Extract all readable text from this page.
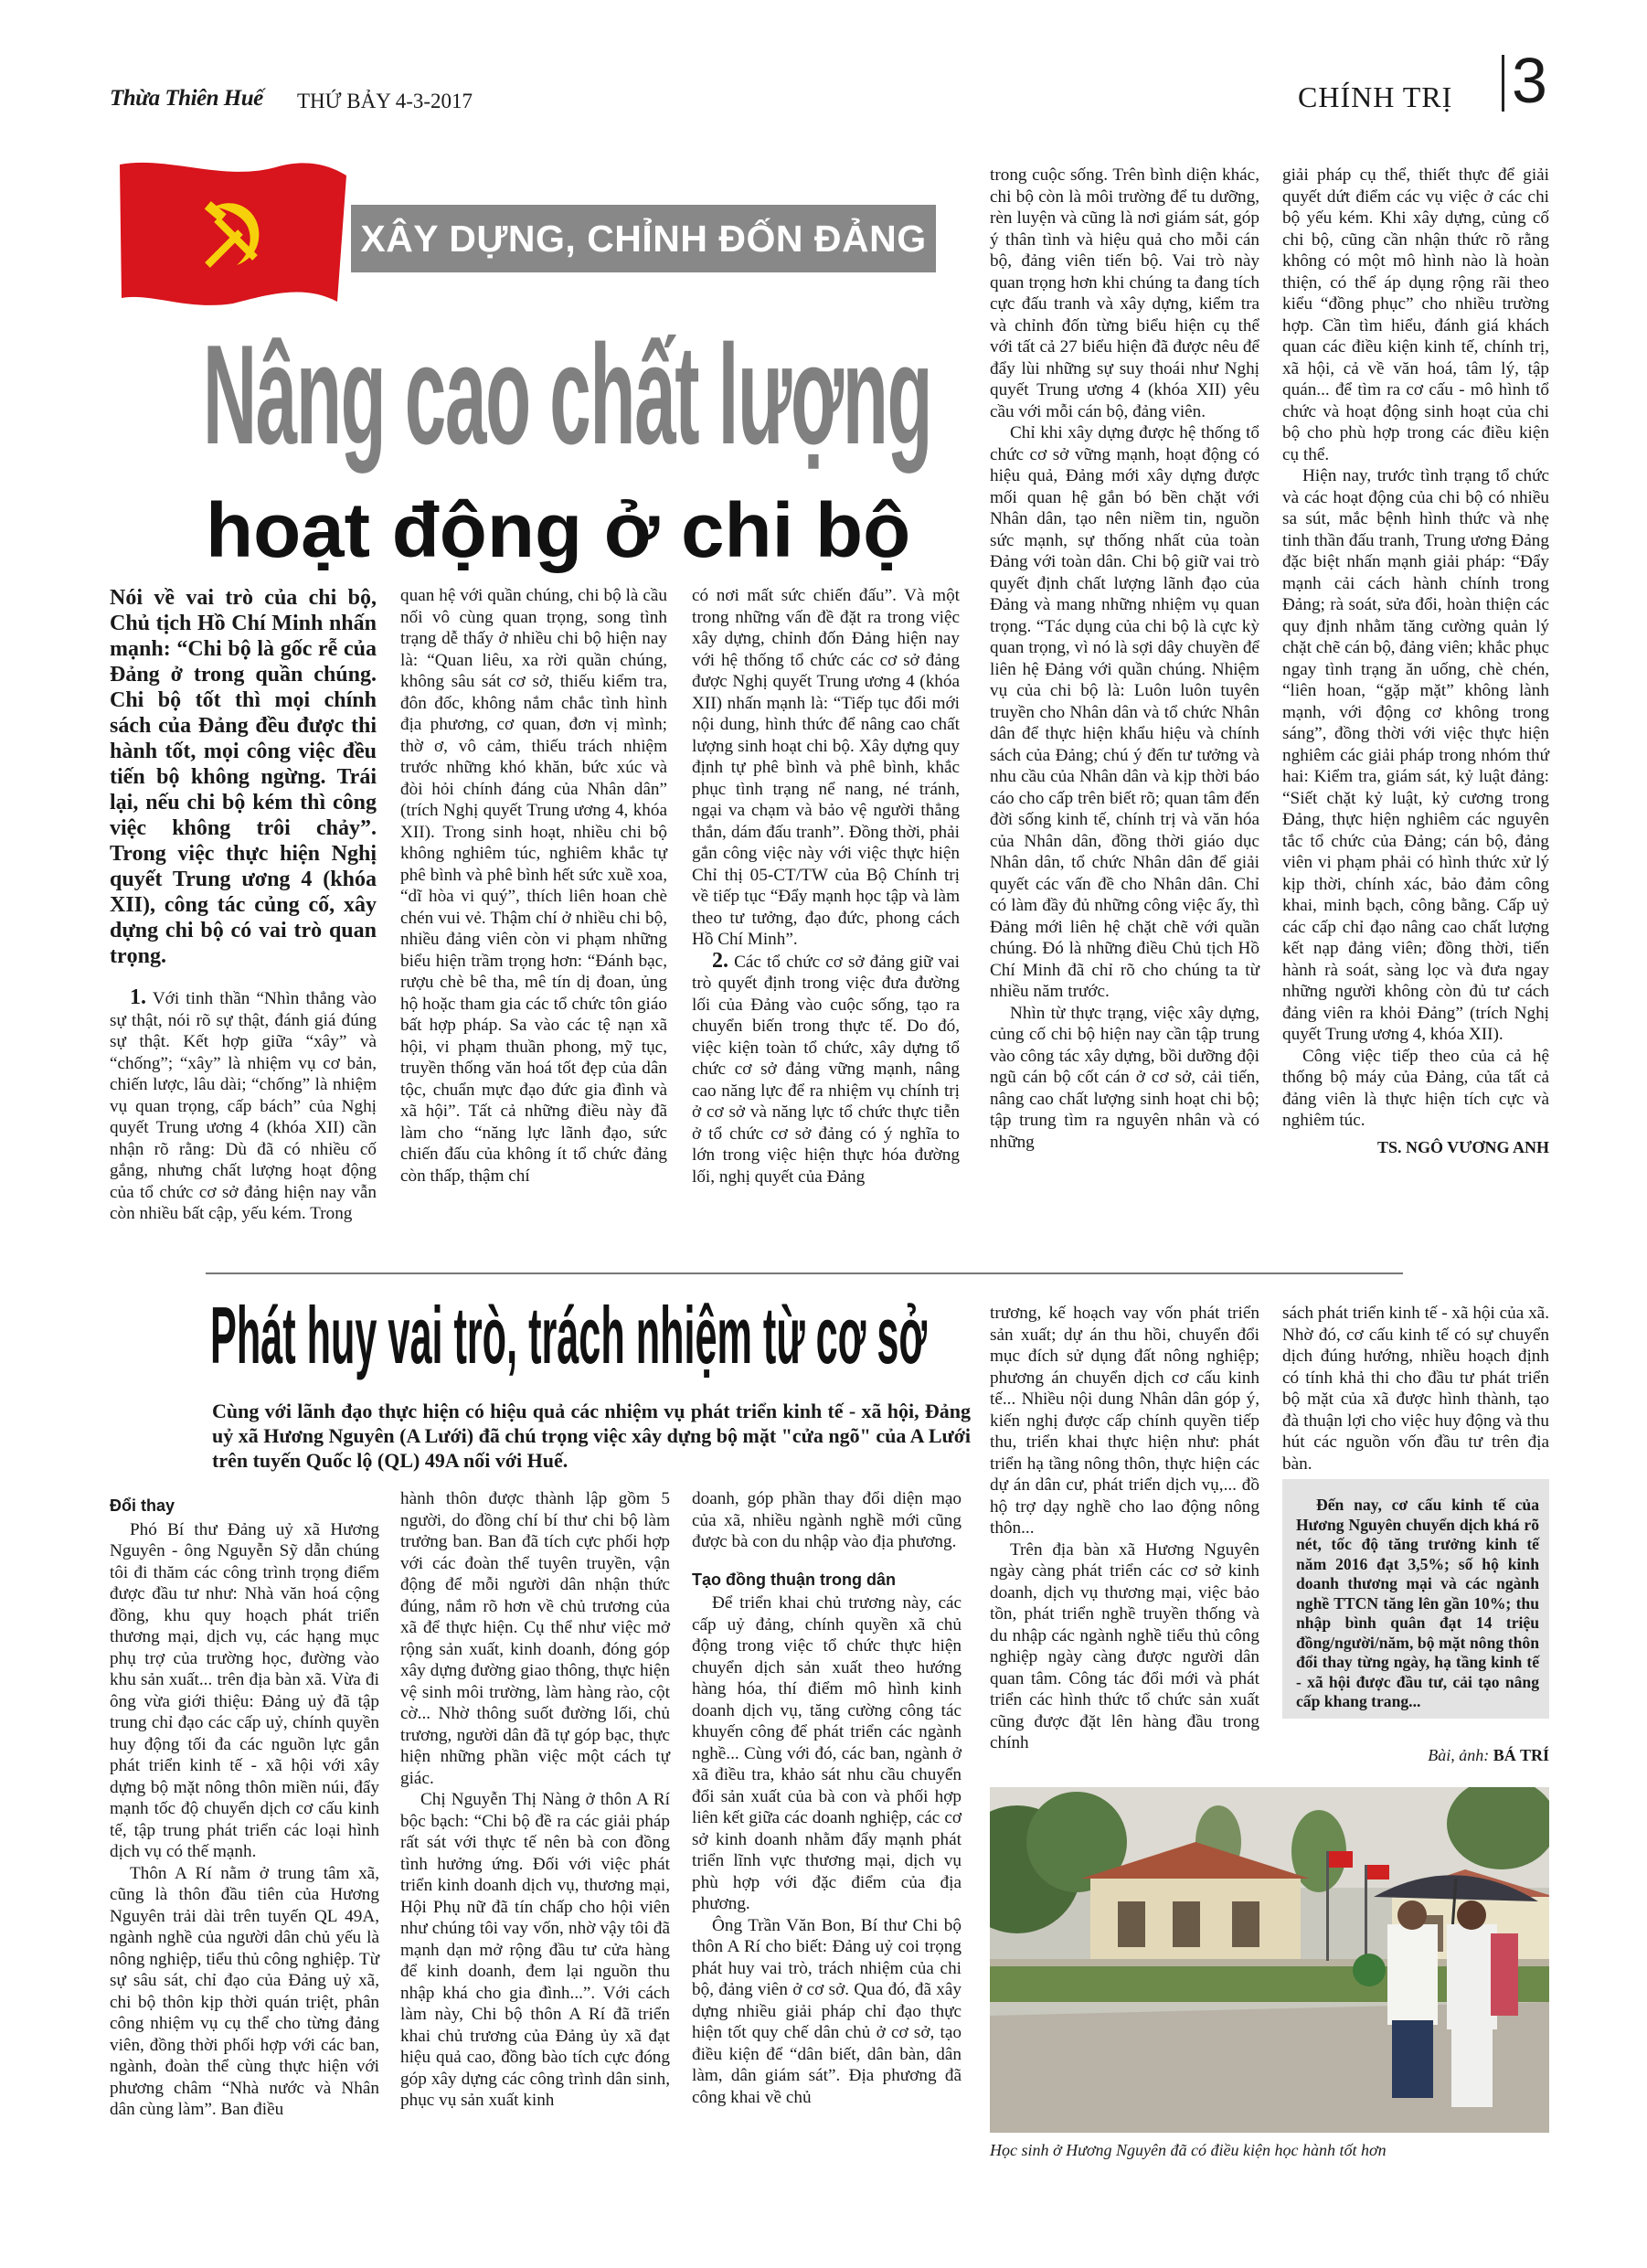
Thừa Thiên Huế THỨ BẢY 4-3-2017	CHÍNH TRỊ 3
XÂY DỰNG, CHỈNH ĐỐN ĐẢNG
Nâng cao chất lượng
hoạt động ở chi bộ
Nói về vai trò của chi bộ, Chủ tịch Hồ Chí Minh nhấn mạnh: “Chi bộ là gốc rễ của Đảng ở trong quần chúng. Chi bộ tốt thì mọi chính sách của Đảng đều được thi hành tốt, mọi công việc đều tiến bộ không ngừng. Trái lại, nếu chi bộ kém thì công việc không trôi chảy”. Trong việc thực hiện Nghị quyết Trung ương 4 (khóa XII), công tác củng cố, xây dựng chi bộ có vai trò quan trọng.

1. Với tinh thần “Nhìn thẳng vào sự thật, nói rõ sự thật, đánh giá đúng sự thật. Kết hợp giữa “xây” và “chống”; “xây” là nhiệm vụ cơ bản, chiến lược, lâu dài; “chống” là nhiệm vụ quan trọng, cấp bách” của Nghị quyết Trung ương 4 (khóa XII) cần nhận rõ rằng: Dù đã có nhiều cố gắng, nhưng chất lượng hoạt động của tổ chức cơ sở đảng hiện nay vẫn còn nhiều bất cập, yếu kém. Trong

quan hệ với quần chúng, chi bộ là cầu nối vô cùng quan trọng, song tình trạng dễ thấy ở nhiều chi bộ hiện nay là: “Quan liêu, xa rời quần chúng, không sâu sát cơ sở, thiếu kiểm tra, đôn đốc, không nắm chắc tình hình địa phương, cơ quan, đơn vị mình; thờ ơ, vô cảm, thiếu trách nhiệm trước những khó khăn, bức xúc và đòi hỏi chính đáng của Nhân dân” (trích Nghị quyết Trung ương 4, khóa XII). Trong sinh hoạt, nhiều chi bộ không nghiêm túc, nghiêm khắc tự phê bình và phê bình hết sức xuề xoa, “dĩ hòa vi quý”, thích liên hoan chè chén vui vẻ. Thậm chí ở nhiều chi bộ, nhiều đảng viên còn vi phạm những biểu hiện trầm trọng hơn: “Đánh bạc, rượu chè bê tha, mê tín dị đoan, ủng hộ hoặc tham gia các tổ chức tôn giáo bất hợp pháp. Sa vào các tệ nạn xã hội, vi phạm thuần phong, mỹ tục, truyền thống văn hoá tốt đẹp của dân tộc, chuẩn mực đạo đức gia đình và xã hội”. Tất cả những điều này đã làm cho “năng lực lãnh đạo, sức chiến đấu của không ít tổ chức đảng còn thấp, thậm chí

có nơi mất sức chiến đấu”. Và một trong những vấn đề đặt ra trong việc xây dựng, chỉnh đốn Đảng hiện nay với hệ thống tổ chức các cơ sở đảng được Nghị quyết Trung ương 4 (khóa XII) nhấn mạnh là: “Tiếp tục đổi mới nội dung, hình thức để nâng cao chất lượng sinh hoạt chi bộ. Xây dựng quy định tự phê bình và phê bình, khắc phục tình trạng nể nang, né tránh, ngại va chạm và bảo vệ người thẳng thắn, dám đấu tranh”. Đồng thời, phải gắn công việc này với việc thực hiện Chỉ thị 05-CT/TW của Bộ Chính trị về tiếp tục “Đẩy mạnh học tập và làm theo tư tưởng, đạo đức, phong cách Hồ Chí Minh”.

2. Các tổ chức cơ sở đảng giữ vai trò quyết định trong việc đưa đường lối của Đảng vào cuộc sống, tạo ra chuyển biến trong thực tế. Do đó, việc kiện toàn tổ chức, xây dựng tổ chức cơ sở đảng vững mạnh, nâng cao năng lực để ra nhiệm vụ chính trị ở cơ sở và năng lực tổ chức thực tiễn ở tổ chức cơ sở đảng có ý nghĩa to lớn trong việc hiện thực hóa đường lối, nghị quyết của Đảng

trong cuộc sống. Trên bình diện khác, chi bộ còn là môi trường để tu dưỡng, rèn luyện và cũng là nơi giám sát, góp ý thân tình và hiệu quả cho mỗi cán bộ, đảng viên tiến bộ. Vai trò này quan trọng hơn khi chúng ta đang tích cực đấu tranh và xây dựng, kiểm tra và chỉnh đốn từng biểu hiện cụ thể với tất cả 27 biểu hiện đã được nêu để đẩy lùi những sự suy thoái như Nghị quyết Trung ương 4 (khóa XII) yêu cầu với mỗi cán bộ, đảng viên.

Chỉ khi xây dựng được hệ thống tổ chức cơ sở vững mạnh, hoạt động có hiệu quả, Đảng mới xây dựng được mối quan hệ gắn bó bền chặt với Nhân dân, tạo nên niềm tin, nguồn sức mạnh, sự thống nhất của toàn Đảng với toàn dân. Chi bộ giữ vai trò quyết định chất lượng lãnh đạo của Đảng và mang những nhiệm vụ quan trọng. “Tác dụng của chi bộ là cực kỳ quan trọng, vì nó là sợi dây chuyền để liên hệ Đảng với quần chúng. Nhiệm vụ của chi bộ là: Luôn luôn tuyên truyền cho Nhân dân và tổ chức Nhân dân để thực hiện khẩu hiệu và chính sách của Đảng; chú ý đến tư tưởng và nhu cầu của Nhân dân và kịp thời báo cáo cho cấp trên biết rõ; quan tâm đến đời sống kinh tế, chính trị và văn hóa của Nhân dân, đồng thời giáo dục Nhân dân, tổ chức Nhân dân để giải quyết các vấn đề cho Nhân dân. Chỉ có làm đầy đủ những công việc ấy, thì Đảng mới liên hệ chặt chẽ với quần chúng. Đó là những điều Chủ tịch Hồ Chí Minh đã chỉ rõ cho chúng ta từ nhiều năm trước.

Nhìn từ thực trạng, việc xây dựng, củng cố chi bộ hiện nay cần tập trung vào công tác xây dựng, bồi dưỡng đội ngũ cán bộ cốt cán ở cơ sở, cải tiến, nâng cao chất lượng sinh hoạt chi bộ; tập trung tìm ra nguyên nhân và có những

giải pháp cụ thể, thiết thực để giải quyết dứt điểm các vụ việc ở các chi bộ yếu kém. Khi xây dựng, củng cố chi bộ, cũng cần nhận thức rõ rằng không có một mô hình nào là hoàn thiện, có thể áp dụng rộng rãi theo kiểu “đồng phục” cho nhiều trường hợp. Cần tìm hiểu, đánh giá khách quan các điều kiện kinh tế, chính trị, xã hội, cả về văn hoá, tâm lý, tập quán... để tìm ra cơ cấu - mô hình tổ chức và hoạt động sinh hoạt của chi bộ cho phù hợp trong các điều kiện cụ thể.

Hiện nay, trước tình trạng tổ chức và các hoạt động của chi bộ có nhiều sa sút, mắc bệnh hình thức và nhẹ tinh thần đấu tranh, Trung ương Đảng đặc biệt nhấn mạnh giải pháp: “Đẩy mạnh cải cách hành chính trong Đảng; rà soát, sửa đổi, hoàn thiện các quy định nhằm tăng cường quản lý chặt chẽ cán bộ, đảng viên; khắc phục ngay tình trạng ăn uống, chè chén, “liên hoan, “gặp mặt” không lành mạnh, với động cơ không trong sáng”, đồng thời với việc thực hiện nghiêm các giải pháp trong nhóm thứ hai: Kiểm tra, giám sát, kỷ luật đảng: “Siết chặt kỷ luật, kỷ cương trong Đảng, thực hiện nghiêm các nguyên tắc tổ chức của Đảng; cán bộ, đảng viên vi phạm phải có hình thức xử lý kịp thời, chính xác, bảo đảm công khai, minh bạch, công bằng. Cấp uỷ các cấp chỉ đạo nâng cao chất lượng kết nạp đảng viên; đồng thời, tiến hành rà soát, sàng lọc và đưa ngay những người không còn đủ tư cách đảng viên ra khỏi Đảng” (trích Nghị quyết Trung ương 4, khóa XII).

Công việc tiếp theo của cả hệ thống bộ máy của Đảng, của tất cả đảng viên là thực hiện tích cực và nghiêm túc.

TS. NGÔ VƯƠNG ANH
Phát huy vai trò, trách nhiệm từ cơ sở
Cùng với lãnh đạo thực hiện có hiệu quả các nhiệm vụ phát triển kinh tế - xã hội, Đảng uỷ xã Hương Nguyên (A Lưới) đã chú trọng việc xây dựng bộ mặt "cửa ngõ" của A Lưới trên tuyến Quốc lộ (QL) 49A nối với Huế.
Đổi thay

Phó Bí thư Đảng uỷ xã Hương Nguyên - ông Nguyễn Sỹ dẫn chúng tôi đi thăm các công trình trọng điểm được đầu tư như: Nhà văn hoá cộng đồng, khu quy hoạch phát triển thương mại, dịch vụ, các hạng mục phụ trợ của trường học, đường vào khu sản xuất... trên địa bàn xã. Vừa đi ông vừa giới thiệu: Đảng uỷ đã tập trung chỉ đạo các cấp uỷ, chính quyền huy động tối đa các nguồn lực gắn phát triển kinh tế - xã hội với xây dựng bộ mặt nông thôn miền núi, đẩy mạnh tốc độ chuyển dịch cơ cấu kinh tế, tập trung phát triển các loại hình dịch vụ có thế mạnh.

Thôn A Rí nằm ở trung tâm xã, cũng là thôn đầu tiên của Hương Nguyên trải dài trên tuyến QL 49A, ngành nghề của người dân chủ yếu là nông nghiệp, tiểu thủ công nghiệp. Từ sự sâu sát, chỉ đạo của Đảng uỷ xã, chi bộ thôn kịp thời quán triệt, phân công nhiệm vụ cụ thể cho từng đảng viên, đồng thời phối hợp với các ban, ngành, đoàn thể cùng thực hiện với phương châm “Nhà nước và Nhân dân cùng làm”. Ban điều

hành thôn được thành lập gồm 5 người, do đồng chí bí thư chi bộ làm trưởng ban. Ban đã tích cực phối hợp với các đoàn thể tuyên truyền, vận động để mỗi người dân nhận thức đúng, nắm rõ hơn về chủ trương của xã để thực hiện. Cụ thể như việc mở rộng sản xuất, kinh doanh, đóng góp xây dựng đường giao thông, thực hiện vệ sinh môi trường, làm hàng rào, cột cờ... Nhờ thông suốt đường lối, chủ trương, người dân đã tự góp bạc, thực hiện những phần việc một cách tự giác.

Chị Nguyễn Thị Nàng ở thôn A Rí bộc bạch: “Chi bộ đề ra các giải pháp rất sát với thực tế nên bà con đồng tình hưởng ứng. Đối với việc phát triển kinh doanh dịch vụ, thương mại, Hội Phụ nữ đã tín chấp cho hội viên như chúng tôi vay vốn, nhờ vậy tôi đã mạnh dạn mở rộng đầu tư cửa hàng để kinh doanh, đem lại nguồn thu nhập khá cho gia đình...”. Với cách làm này, Chi bộ thôn A Rí đã triển khai chủ trương của Đảng ủy xã đạt hiệu quả cao, đồng bào tích cực đóng góp xây dựng các công trình dân sinh, phục vụ sản xuất kinh

doanh, góp phần thay đổi diện mạo của xã, nhiều ngành nghề mới cũng được bà con du nhập vào địa phương.

Tạo đồng thuận trong dân

Để triển khai chủ trương này, các cấp uỷ đảng, chính quyền xã chủ động trong việc tổ chức thực hiện chuyển dịch sản xuất theo hướng hàng hóa, thí điểm mô hình kinh doanh dịch vụ, tăng cường công tác khuyến công để phát triển các ngành nghề... Cùng với đó, các ban, ngành ở xã điều tra, khảo sát nhu cầu chuyển đổi sản xuất của bà con và phối hợp liên kết giữa các doanh nghiệp, các cơ sở kinh doanh nhằm đẩy mạnh phát triển lĩnh vực thương mại, dịch vụ phù hợp với đặc điểm của địa phương.

Ông Trần Văn Bon, Bí thư Chi bộ thôn A Rí cho biết: Đảng uỷ coi trọng phát huy vai trò, trách nhiệm của chi bộ, đảng viên ở cơ sở. Qua đó, đã xây dựng nhiều giải pháp chỉ đạo thực hiện tốt quy chế dân chủ ở cơ sở, tạo điều kiện để “dân biết, dân bàn, dân làm, dân giám sát”. Địa phương đã công khai về chủ

trương, kế hoạch vay vốn phát triển sản xuất; dự án thu hồi, chuyển đổi mục đích sử dụng đất nông nghiệp; phương án chuyển dịch cơ cấu kinh tế... Nhiều nội dung Nhân dân góp ý, kiến nghị được cấp chính quyền tiếp thu, triển khai thực hiện như: phát triển hạ tầng nông thôn, thực hiện các dự án dân cư, phát triển dịch vụ,... đồ hộ trợ dạy nghề cho lao động nông thôn...

Trên địa bàn xã Hương Nguyên ngày càng phát triển các cơ sở kinh doanh, dịch vụ thương mại, việc bảo tồn, phát triển nghề truyền thống và du nhập các ngành nghề tiểu thủ công nghiệp ngày càng được người dân quan tâm. Công tác đổi mới và phát triển các hình thức tổ chức sản xuất cũng được đặt lên hàng đầu trong chính

sách phát triển kinh tế - xã hội của xã. Nhờ đó, cơ cấu kinh tế có sự chuyển dịch đúng hướng, nhiều hoạch định có tính khả thi cho đầu tư phát triển bộ mặt của xã được hình thành, tạo đà thuận lợi cho việc huy động và thu hút các nguồn vốn đầu tư trên địa bàn.

Đến nay, cơ cấu kinh tế của Hương Nguyên chuyển dịch khá rõ nét, tốc độ tăng trưởng kinh tế năm 2016 đạt 3,5%; số hộ kinh doanh thương mại và các ngành nghề TTCN tăng lên gần 10%; thu nhập bình quân đạt 14 triệu đồng/người/năm, bộ mặt nông thôn đổi thay từng ngày, hạ tầng kinh tế - xã hội được đầu tư, cải tạo nâng cấp khang trang...
Bài, ảnh: BÁ TRÍ
Học sinh ở Hương Nguyên đã có điều kiện học hành tốt hơn
